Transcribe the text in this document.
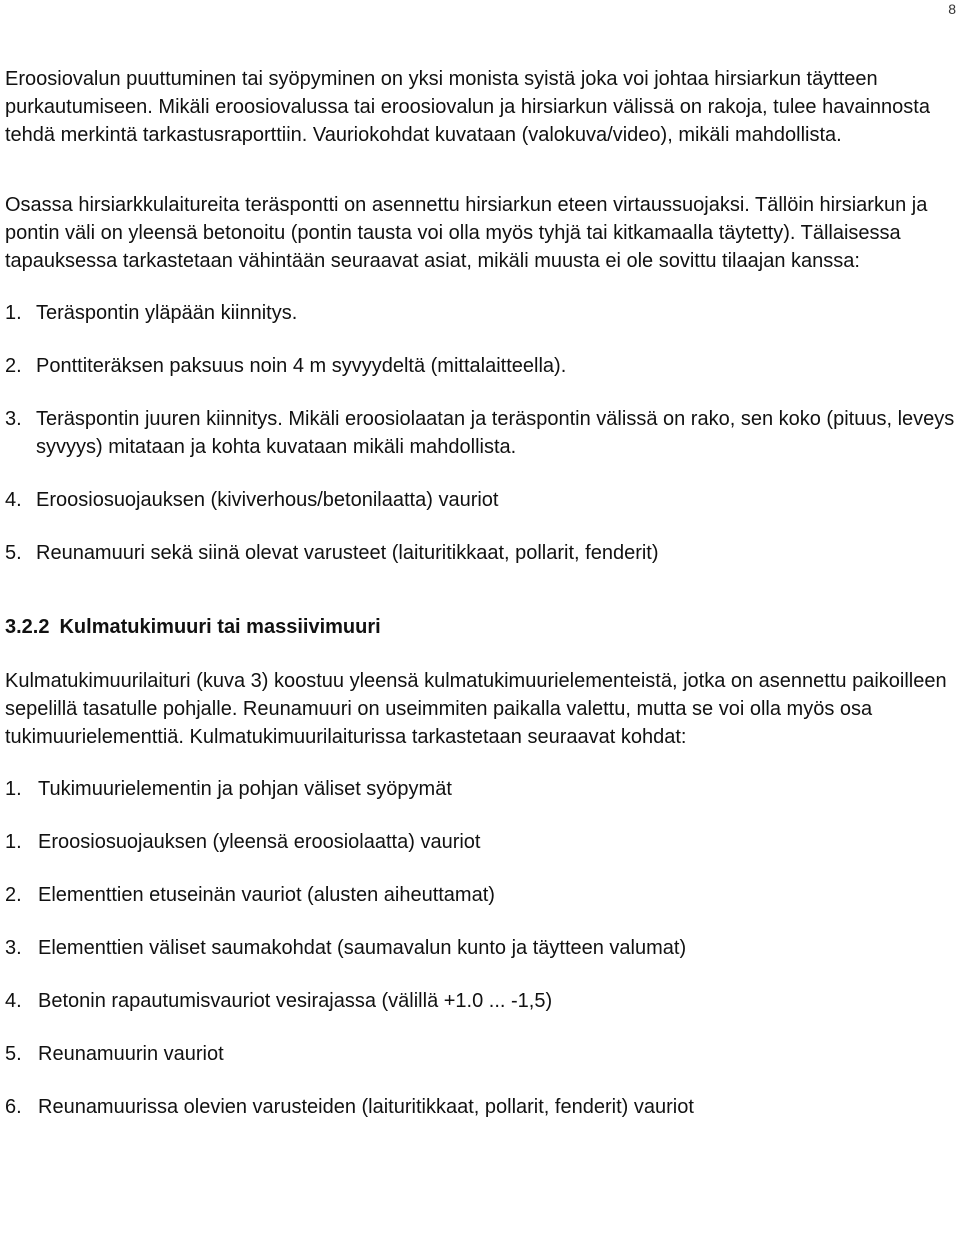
8

Eroosiovalun puuttuminen tai syöpyminen on yksi monista syistä joka voi johtaa hirsiarkun täytteen purkautumiseen. Mikäli eroosiovalussa tai eroosiovalun ja hirsiarkun välissä on rakoja, tulee havainnosta tehdä merkintä tarkastusraporttiin. Vauriokohdat kuvataan (valokuva/video), mikäli mahdollista.

Osassa hirsiarkkulaitureita teräspontti on asennettu hirsiarkun eteen virtaussuojaksi. Tällöin hirsiarkun ja pontin väli on yleensä betonoitu (pontin tausta voi olla myös tyhjä tai kitkamaalla täytetty). Tällaisessa tapauksessa tarkastetaan vähintään seuraavat asiat, mikäli muusta ei ole sovittu tilaajan kanssa:

1. Teräspontin yläpään kiinnitys.
2. Ponttiteräksen paksuus noin 4 m syvyydeltä (mittalaitteella).
3. Teräspontin juuren kiinnitys. Mikäli eroosiolaatan ja teräspontin välissä on rako, sen koko (pituus, leveys syvyys) mitataan ja kohta kuvataan mikäli mahdollista.
4. Eroosiosuojauksen (kiviverhous/betonilaatta) vauriot
5. Reunamuuri sekä siinä olevat varusteet (laituritikkaat, pollarit, fenderit)
3.2.2 Kulmatukimuuri tai massiivimuuri

Kulmatukimuurilaituri (kuva 3) koostuu yleensä kulmatukimuurielementeistä, jotka on asennettu paikoilleen sepelillä tasatulle pohjalle. Reunamuuri on useimmiten paikalla valettu, mutta se voi olla myös osa tukimuurielementtiä. Kulmatukimuurilaiturissa tarkastetaan seuraavat kohdat:

1. Tukimuurielementin ja pohjan väliset syöpymät
1. Eroosiosuojauksen (yleensä eroosiolaatta) vauriot
2. Elementtien etuseinän vauriot (alusten aiheuttamat)
3. Elementtien väliset saumakohdat (saumavalun kunto ja täytteen valumat)
4. Betonin rapautumisvauriot vesirajassa (välillä +1.0 ... -1,5)
5. Reunamuurin vauriot
6. Reunamuurissa olevien varusteiden (laituritikkaat, pollarit, fenderit) vauriot
